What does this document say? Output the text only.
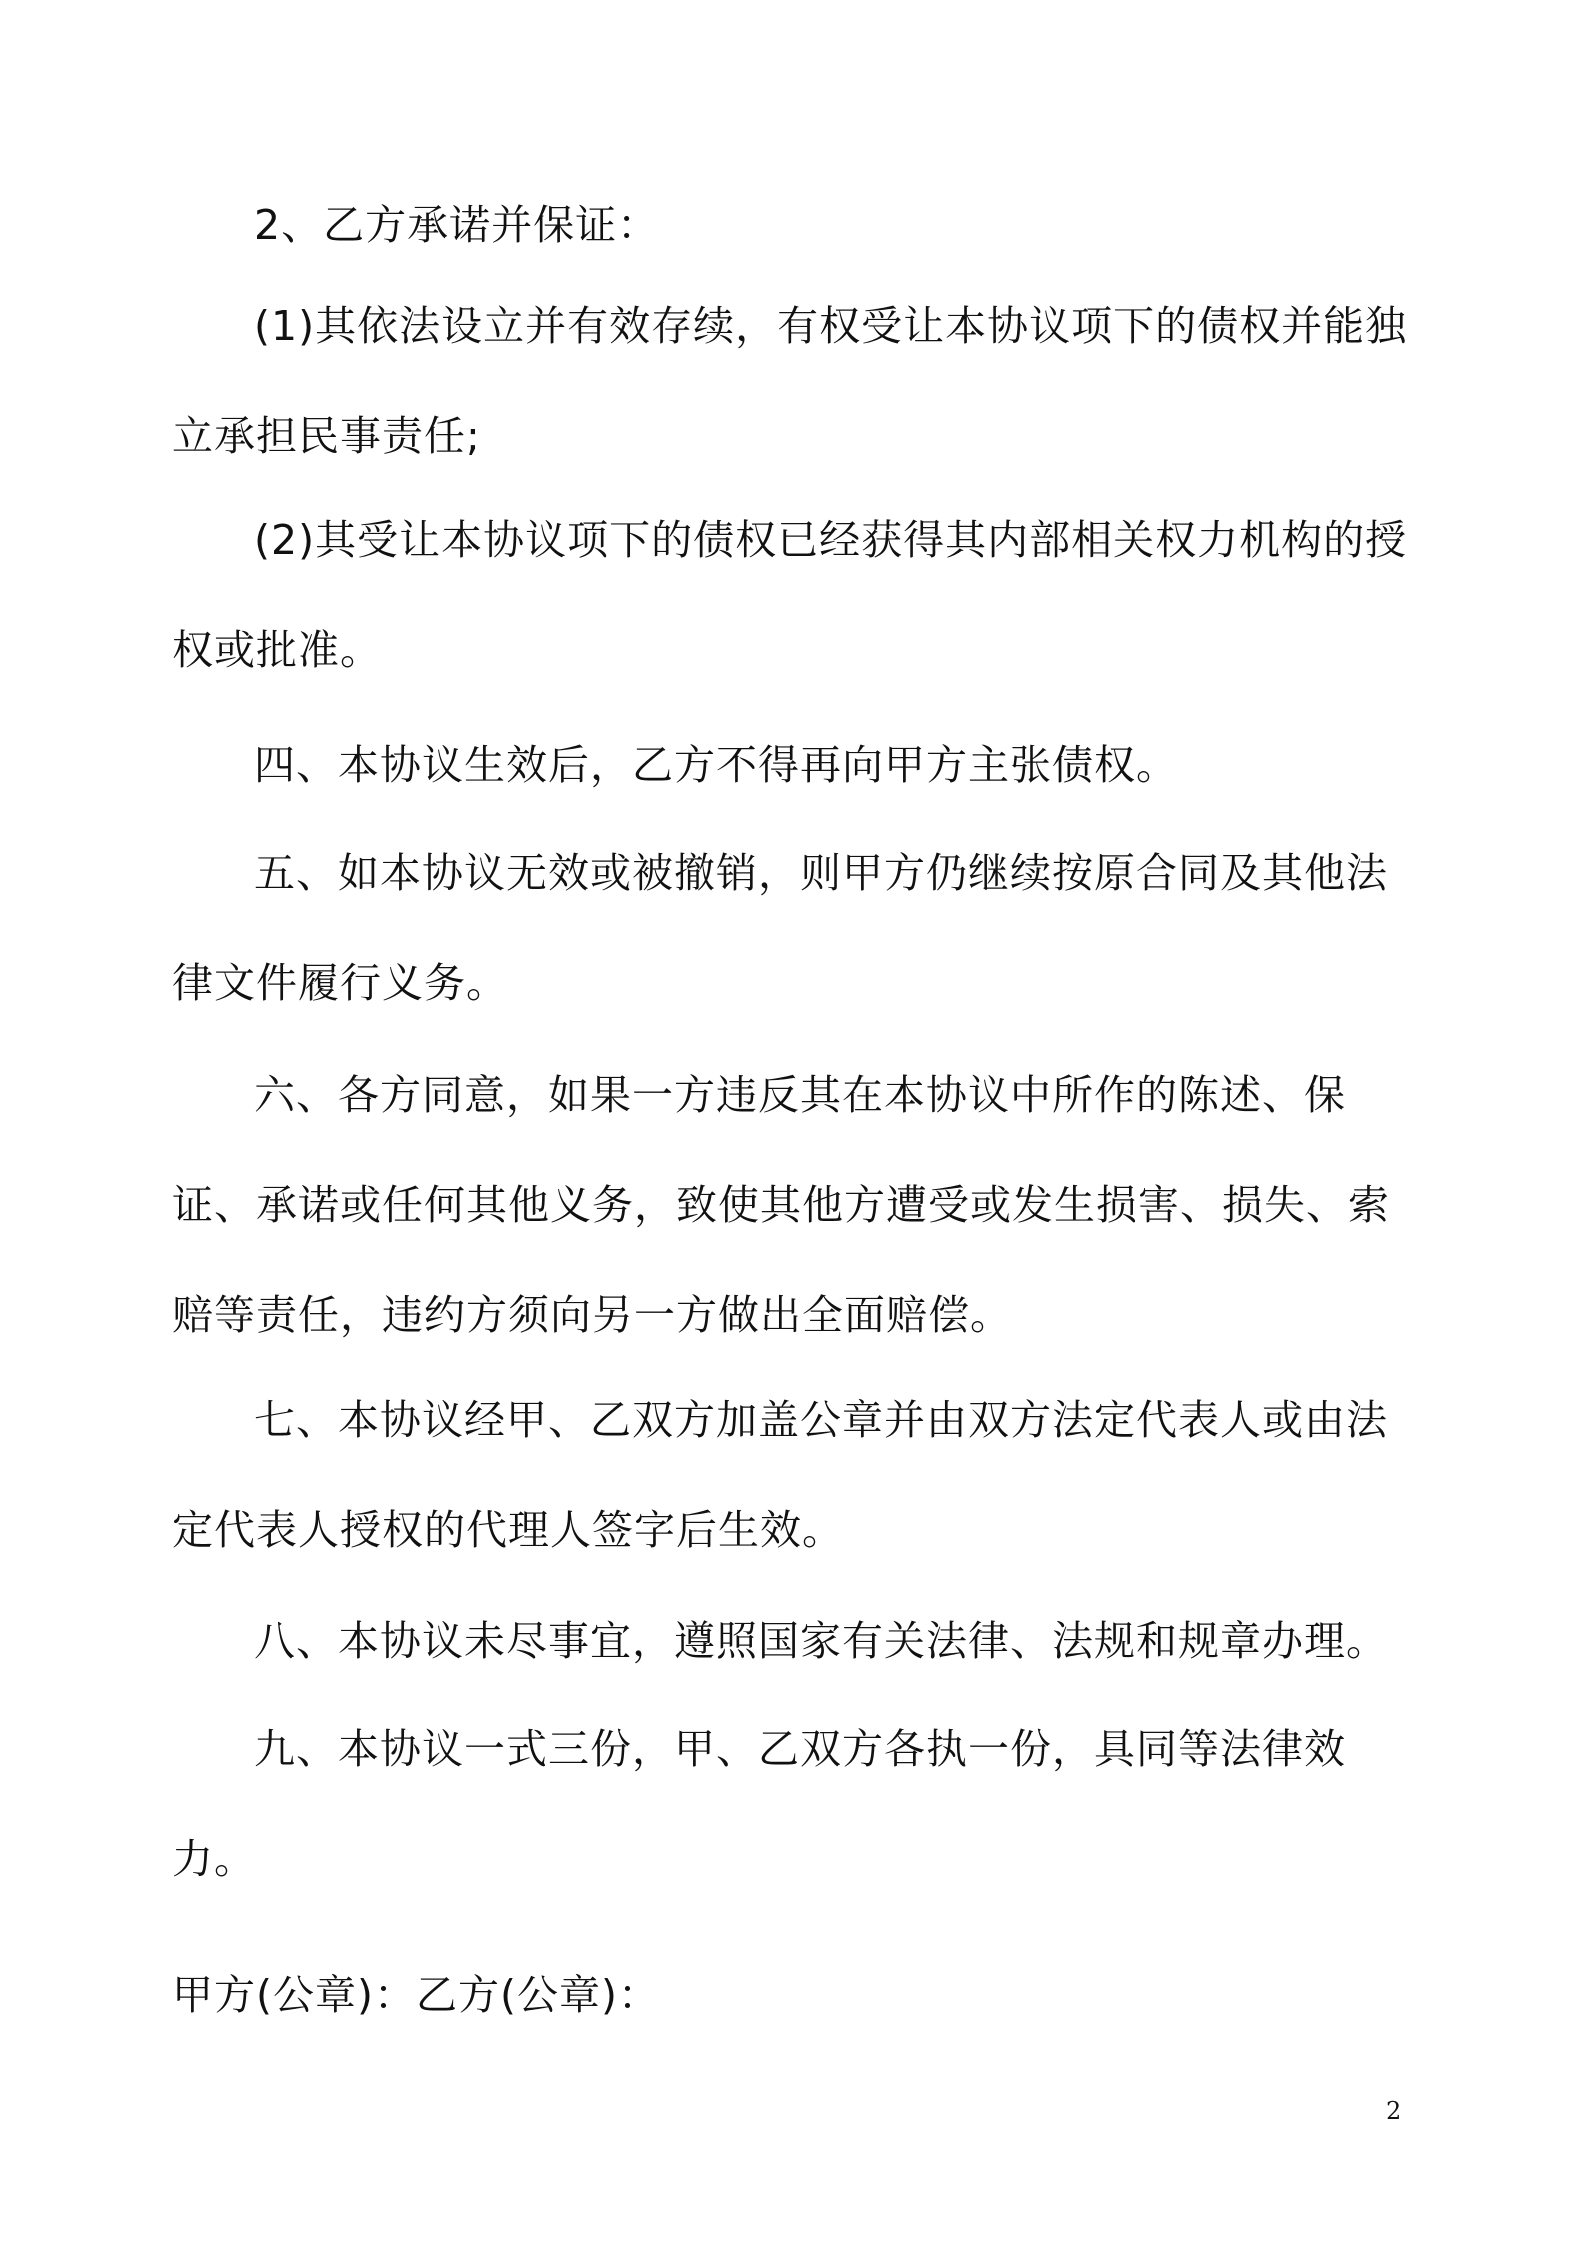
2、乙方承诺并保证：

(1)其依法设立并有效存续，有权受让本协议项下的债权并能独立承担民事责任;

(2)其受让本协议项下的债权已经获得其内部相关权力机构的授权或批准。

四、本协议生效后，乙方不得再向甲方主张债权。

五、如本协议无效或被撤销，则甲方仍继续按原合同及其他法律文件履行义务。

六、各方同意，如果一方违反其在本协议中所作的陈述、保证、承诺或任何其他义务，致使其他方遭受或发生损害、损失、索赔等责任，违约方须向另一方做出全面赔偿。

七、本协议经甲、乙双方加盖公章并由双方法定代表人或由法定代表人授权的代理人签字后生效。

八、本协议未尽事宜，遵照国家有关法律、法规和规章办理。

九、本协议一式三份，甲、乙双方各执一份，具同等法律效力。

甲方(公章)：乙方(公章)：

2
